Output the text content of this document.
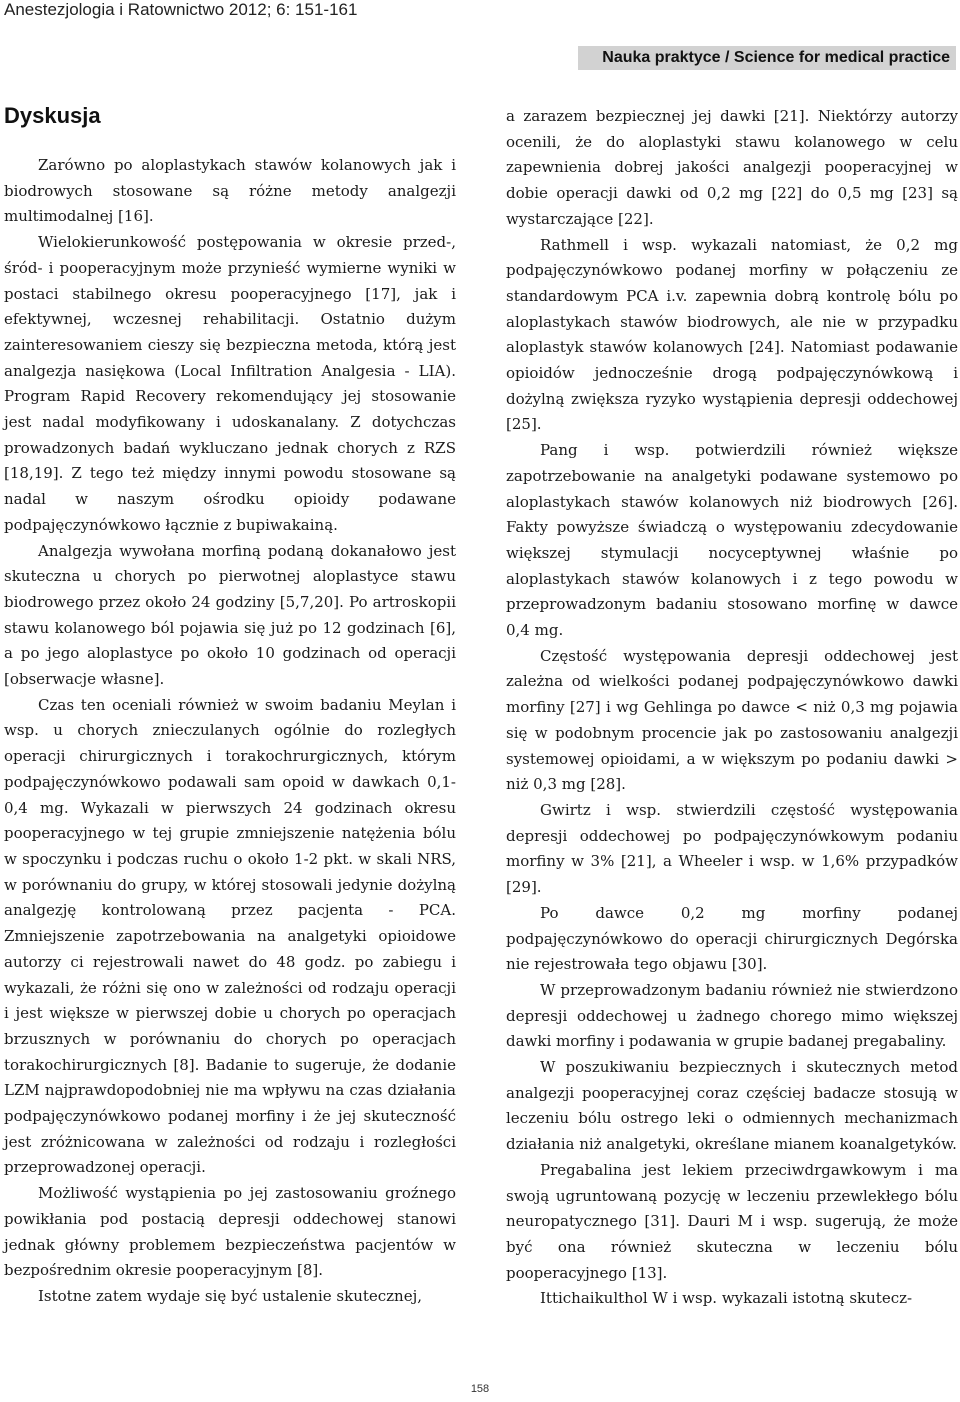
Anestezjologia i Ratownictwo 2012; 6: 151-161
Nauka praktyce / Science for medical practice
Dyskusja

Zarówno po aloplastykach stawów kolanowych jak i biodrowych stosowane są różne metody analgezji multimodalnej [16].

Wielokierunkowość postępowania w okresie przed-, śród- i pooperacyjnym może przynieść wymierne wyniki w postaci stabilnego okresu pooperacyjnego [17], jak i efektywnej, wczesnej rehabilitacji. Ostatnio dużym zainteresowaniem cieszy się bezpieczna metoda, którą jest analgezja nasiękowa (Local Infiltration Analgesia - LIA). Program Rapid Recovery rekomendujący jej stosowanie jest nadal modyfikowany i udoskanalany. Z dotychczas prowadzonych badań wykluczano jednak chorych z RZS [18,19]. Z tego też między innymi powodu stosowane są nadal w naszym ośrodku opioidy podawane podpajęczynówkowo łącznie z bupiwakainą.

Analgezja wywołana morfiną podaną dokanałowo jest skuteczna u chorych po pierwotnej aloplastyce stawu biodrowego przez około 24 godziny [5,7,20]. Po artroskopii stawu kolanowego ból pojawia się już po 12 godzinach [6], a po jego aloplastyce po około 10 godzinach od operacji [obserwacje własne].

Czas ten oceniali również w swoim badaniu Meylan i wsp. u chorych znieczulanych ogólnie do rozległych operacji chirurgicznych i torakochrurgicznych, którym podpajęczynówkowo podawali sam opoid w dawkach 0,1-0,4 mg. Wykazali w pierwszych 24 godzinach okresu pooperacyjnego w tej grupie zmniejszenie natężenia bólu w spoczynku i podczas ruchu o około 1-2 pkt. w skali NRS, w porównaniu do grupy, w której stosowali jedynie dożylną analgezję kontrolowaną przez pacjenta - PCA. Zmniejszenie zapotrzebowania na analgetyki opioidowe autorzy ci rejestrowali nawet do 48 godz. po zabiegu i wykazali, że różni się ono w zależności od rodzaju operacji i jest większe w pierwszej dobie u chorych po operacjach brzusznych w porównaniu do chorych po operacjach torakochirurgicznych [8]. Badanie to sugeruje, że dodanie LZM najprawdopodobniej nie ma wpływu na czas działania podpajęczynówkowo podanej morfiny i że jej skuteczność jest zróżnicowana w zależności od rodzaju i rozległości przeprowadzonej operacji.

Możliwość wystąpienia po jej zastosowaniu groźnego powikłania pod postacią depresji oddechowej stanowi jednak główny problemem bezpieczeństwa pacjentów w bezpośrednim okresie pooperacyjnym [8].

Istotne zatem wydaje się być ustalenie skutecznej,

a zarazem bezpiecznej jej dawki [21]. Niektórzy autorzy ocenili, że do aloplastyki stawu kolanowego w celu zapewnienia dobrej jakości analgezji pooperacyjnej w dobie operacji dawki od 0,2 mg [22] do 0,5 mg [23] są wystarczające [22].

Rathmell i wsp. wykazali natomiast, że 0,2 mg podpajęczynówkowo podanej morfiny w połączeniu ze standardowym PCA i.v. zapewnia dobrą kontrolę bólu po aloplastykach stawów biodrowych, ale nie w przypadku aloplastyk stawów kolanowych [24]. Natomiast podawanie opioidów jednocześnie drogą podpajęczynówkową i dożylną zwiększa ryzyko wystąpienia depresji oddechowej [25].

Pang i wsp. potwierdzili również większe zapotrzebowanie na analgetyki podawane systemowo po aloplastykach stawów kolanowych niż biodrowych [26]. Fakty powyższe świadczą o występowaniu zdecydowanie większej stymulacji nocyceptywnej właśnie po aloplastykach stawów kolanowych i z tego powodu w przeprowadzonym badaniu stosowano morfinę w dawce 0,4 mg.

Częstość występowania depresji oddechowej jest zależna od wielkości podanej podpajęczynówkowo dawki morfiny [27] i wg Gehlinga po dawce < niż 0,3 mg pojawia się w podobnym procencie jak po zastosowaniu analgezji systemowej opioidami, a w większym po podaniu dawki > niż 0,3 mg [28].

Gwirtz i wsp. stwierdzili częstość występowania depresji oddechowej po podpajęczynówkowym podaniu morfiny w 3% [21], a Wheeler i wsp. w 1,6% przypadków [29].

Po dawce 0,2 mg morfiny podanej podpajęczynówkowo do operacji chirurgicznych Degórska nie rejestrowała tego objawu [30].

W przeprowadzonym badaniu również nie stwierdzono depresji oddechowej u żadnego chorego mimo większej dawki morfiny i podawania w grupie badanej pregabaliny.

W poszukiwaniu bezpiecznych i skutecznych metod analgezji pooperacyjnej coraz częściej badacze stosują w leczeniu bólu ostrego leki o odmiennych mechanizmach działania niż analgetyki, określane mianem koanalgetyków.

Pregabalina jest lekiem przeciwdrgawkowym i ma swoją ugruntowaną pozycję w leczeniu przewlekłego bólu neuropatycznego [31]. Dauri M i wsp. sugerują, że może być ona również skuteczna w leczeniu bólu pooperacyjnego [13].

Ittichaikulthol W i wsp. wykazali istotną skutecz-

158
